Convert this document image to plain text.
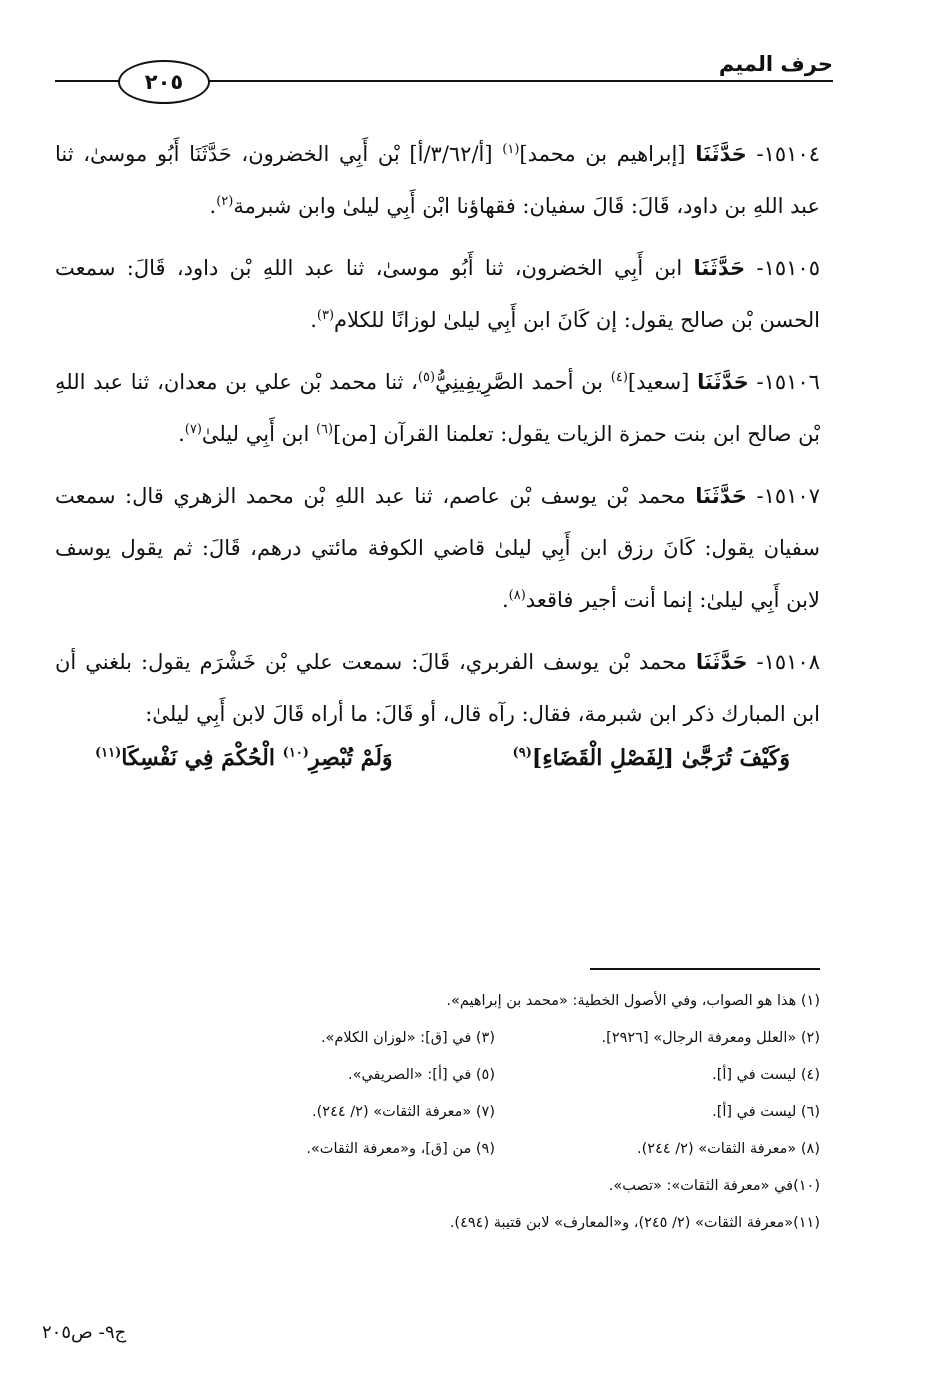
حرف الميم
٢٠٥

١٥١٠٤- حَدَّثَنَا [إبراهيم بن محمد]$^{(١)}$ [أ/٣/٦٢/أ] بْن أَبِي الخضرون، حَدَّثَنَا أَبُو موسىٰ، ثنا عبد اللهِ بن داود، قَالَ: قَالَ سفيان: فقهاؤنا ابْن أَبِي ليلىٰ وابن شبرمة$^{(٢)}$.

١٥١٠٥- حَدَّثَنَا ابن أَبِي الخضرون، ثنا أَبُو موسىٰ، ثنا عبد اللهِ بْن داود، قَالَ: سمعت الحسن بْن صالح يقول: إن كَانَ ابن أَبِي ليلىٰ لوزانًا للكلام$^{(٣)}$.

١٥١٠٦- حَدَّثَنَا [سعيد]$^{(٤)}$ بن أحمد الصَّرِيفِينِيُّ$^{(٥)}$، ثنا محمد بْن علي بن معدان، ثنا عبد اللهِ بْن صالح ابن بنت حمزة الزيات يقول: تعلمنا القرآن [من]$^{(٦)}$ ابن أَبِي ليلىٰ$^{(٧)}$.

١٥١٠٧- حَدَّثَنَا محمد بْن يوسف بْن عاصم، ثنا عبد اللهِ بْن محمد الزهري قال: سمعت سفيان يقول: كَانَ رزق ابن أَبِي ليلىٰ قاضي الكوفة مائتي درهم، قَالَ: ثم يقول يوسف لابن أَبِي ليلىٰ: إنما أنت أجير فاقعد$^{(٨)}$.

١٥١٠٨- حَدَّثَنَا محمد بْن يوسف الفربري، قَالَ: سمعت علي بْن خَشْرَم يقول: بلغني أن ابن المبارك ذكر ابن شبرمة، فقال: رآه قال، أو قَالَ: ما أراه قَالَ لابن أَبِي ليلىٰ:

وَكَيْفَ تُرَجَّىٰ [لِفَصْلِ الْقَضَاءِ]$^{(٩)}$
وَلَمْ تُبْصِرِ$^{(١٠)}$ الْحُكْمَ فِي نَفْسِكَا$^{(١١)}$
(١) هذا هو الصواب، وفي الأصول الخطية: «محمد بن إبراهيم».
(٢) «العلل ومعرفة الرجال» [٢٩٢٦].
(٣) في [ق]: «لوزان الكلام».
(٤) ليست في [أ].
(٥) في [أ]: «الصريفي».
(٦) ليست في [أ].
(٧) «معرفة الثقات» (٢/ ٢٤٤).
(٨) «معرفة الثقات» (٢/ ٢٤٤).
(٩) من [ق]، و«معرفة الثقات».
(١٠)في «معرفة الثقات»: «تصب».
(١١)«معرفة الثقات» (٢/ ٢٤٥)، و«المعارف» لابن قتيبة (٤٩٤).
ج٩- ص٢٠٥
